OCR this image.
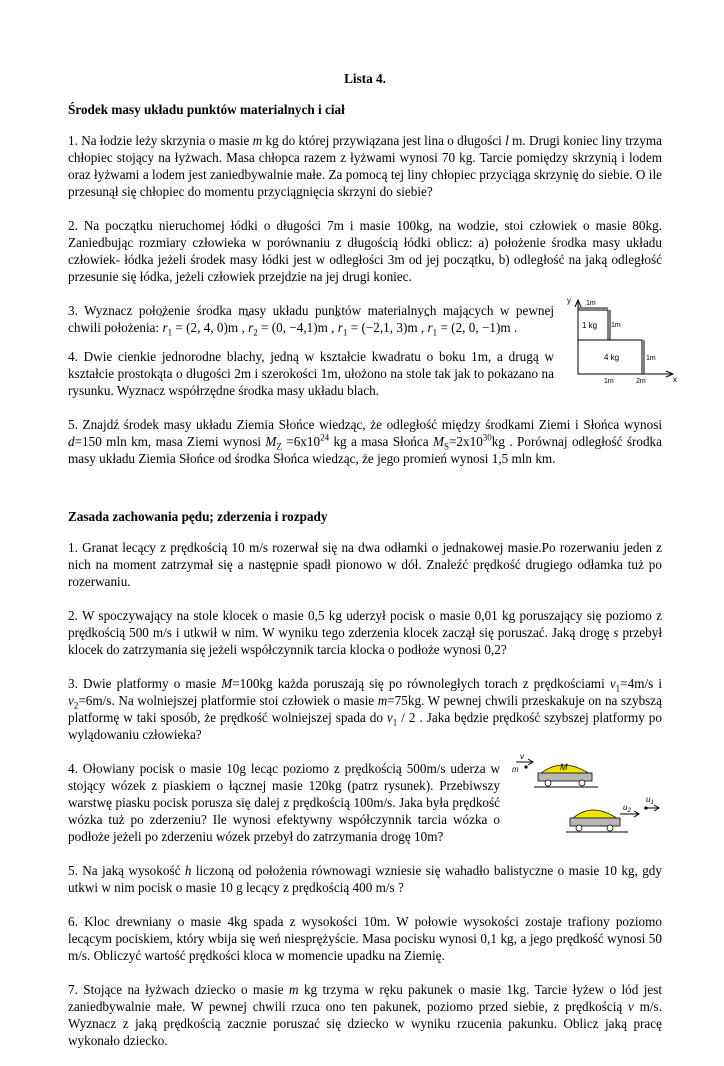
Lista 4.
Środek masy układu punktów materialnych i ciał
1. Na łodzie leży skrzynia o masie m kg do której przywiązana jest lina o długości l m. Drugi koniec liny trzyma chłopiec stojący na łyżwach. Masa chłopca razem z łyżwami wynosi 70 kg. Tarcie pomiędzy skrzynią i lodem oraz łyżwami a lodem jest zaniedbywalnie małe. Za pomocą tej liny chłopiec przyciąga skrzynię do siebie. O ile przesunął się chłopiec do momentu przyciągnięcia skrzyni do siebie?
2. Na początku nieruchomej łódki o długości 7m i masie 100kg, na wodzie, stoi człowiek o masie 80kg. Zaniedbując rozmiary człowieka w porównaniu z długością łódki oblicz: a) położenie środka masy układu człowiek- łódka jeżeli środek masy łódki jest w odległości 3m od jej początku, b) odległość na jaką odległość przesunie się łódka, jeżeli człowiek przejdzie na jej drugi koniec.
3. Wyznacz położenie środka masy układu punktów materialnych mających w pewnej chwili położenia: r
$_1$ = (2, 4, 0)m , r
$_2$ = (0, −4,1)m , r
$_1$ = (−2,1, 3)m , r
$_1$ = (2, 0, −1)m .
4. Dwie cienkie jednorodne blachy, jedną w kształcie kwadratu o boku 1m, a drugą w kształcie prostokąta o długości 2m i szerokości 1m, ułożono na stole tak jak to pokazano na rysunku. Wyznacz współrzędne środka masy układu blach.
y
x
1m
1m
1 kg
4 kg	1m
1m	2m
5. Znajdź środek masy układu Ziemia Słońce wiedząc, że odległość między środkami Ziemi i Słońca wynosi d=150 mln km, masa Ziemi wynosi $M_Z =6x10^{24}$ kg a masa Słońca $M_S=2x10^{30}kg$ . Porównaj odległość środka masy układu Ziemia Słońce od środka Słońca wiedząc, że jego promień wynosi 1,5 mln km.
Zasada zachowania pędu; zderzenia i rozpady
1. Granat lecący z prędkością 10 m/s rozerwał się na dwa odłamki o jednakowej masie.Po rozerwaniu jeden z nich na moment zatrzymał się a następnie spadł pionowo w dół. Znaleźć prędkość drugiego odłamka tuż po rozerwaniu.
2. W spoczywający na stole klocek o masie 0,5 kg uderzył pocisk o masie 0,01 kg poruszający się poziomo z prędkością 500 m/s i utkwił w nim. W wyniku tego zderzenia klocek zaczął się poruszać. Jaką drogę s przebył klocek do zatrzymania się jeżeli współczynnik tarcia klocka o podłoże wynosi 0,2?
3. Dwie platformy o masie M=100kg każda poruszają się po równoległych torach z prędkościami $v_1=4m/s$ i $v_2=6m/s$. Na wolniejszej platformie stoi człowiek o masie m=75kg. W pewnej chwili przeskakuje on na szybszą platformę w taki sposób, że prędkość wolniejszej spada do $v_1 / 2$ . Jaka będzie prędkość szybszej platformy po wylądowaniu człowieka?
4. Ołowiany pocisk o masie 10g lecąc poziomo z prędkością 500m/s uderza w stojący wózek z piaskiem o łącznej masie 120kg (patrz rysunek). Przebiwszy warstwę piasku pocisk porusza się dalej z prędkością 100m/s. Jaka była prędkość wózka tuż po zderzeniu? Ile wynosi efektywny współczynnik tarcia wózka o podłoże jeżeli po zderzeniu wózek przebył do zatrzymania drogę 10m?
v
m	M
$u_2$
$u_1$
5. Na jaką wysokość h liczoną od położenia równowagi wzniesie się wahadło balistyczne o masie 10 kg, gdy utkwi w nim pocisk o masie 10 g lecący z prędkością 400 m/s ?
6. Kloc drewniany o masie 4kg spada z wysokości 10m. W połowie wysokości zostaje trafiony poziomo lecącym pociskiem, który wbija się weń niesprężyście. Masa pocisku wynosi 0,1 kg, a jego prędkość wynosi 50 m/s. Obliczyć wartość prędkości kloca w momencie upadku na Ziemię.
7. Stojące na łyżwach dziecko o masie m kg trzyma w ręku pakunek o masie 1kg. Tarcie łyżew o lód jest zaniedbywalnie małe. W pewnej chwili rzuca ono ten pakunek, poziomo przed siebie, z prędkością v m/s. Wyznacz z jaką prędkością zacznie poruszać się dziecko w wyniku rzucenia pakunku. Oblicz jaką pracę wykonało dziecko.
